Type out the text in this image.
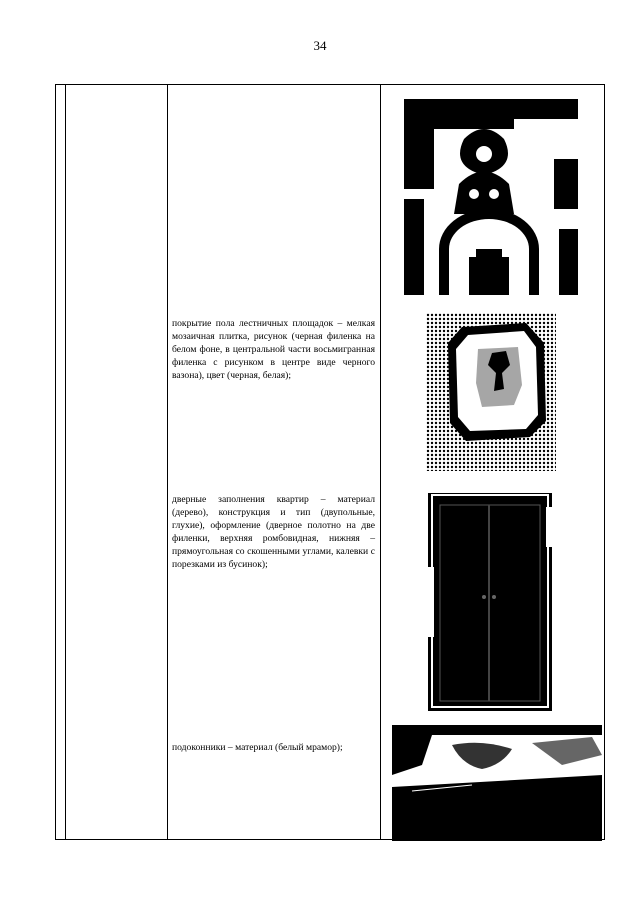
34
покрытие пола лестничных площадок – мелкая мозаичная плитка, рисунок (черная филенка на белом фоне, в центральной части восьмигранная филенка с рисунком в центре виде черного вазона), цвет (черная, белая);
дверные заполнения квартир – материал (дерево), конструкция и тип (двупольные, глухие), оформление (дверное полотно на две филенки, верхняя ромбовидная, нижняя – прямоугольная со скошенными углами, калевки с порезками из бусинок);
подоконники – материал (белый мрамор);
